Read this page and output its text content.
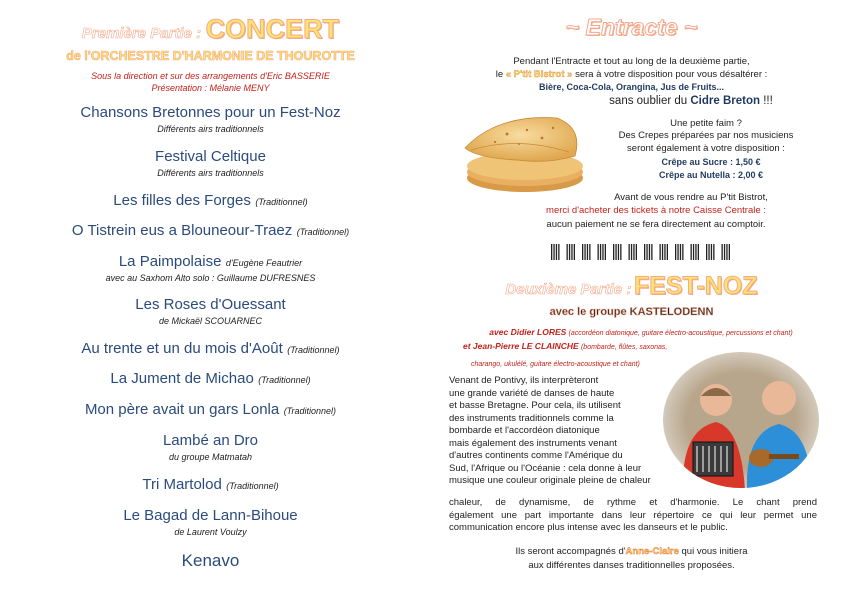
Première Partie : CONCERT
de l'ORCHESTRE D'HARMONIE DE THOUROTTE
Sous la direction et sur des arrangements d'Eric BASSERIE
Présentation : Mélanie MENY
Chansons Bretonnes pour un Fest-Noz
Différents airs traditionnels
Festival Celtique
Différents airs traditionnels
Les filles des Forges (Traditionnel)
O Tistrein eus a Blouneour-Traez (Traditionnel)
La Paimpolaise d'Eugène Feautrier
avec au Saxhom Alto solo : Guillaume DUFRESNES
Les Roses d'Ouessant
de Mickaël SCOUARNEC
Au trente et un du mois d'Août (Traditionnel)
La Jument de Michao (Traditionnel)
Mon père avait un gars Lonla (Traditionnel)
Lambé an Dro
du groupe Matmatah
Tri Martolod (Traditionnel)
Le Bagad de Lann-Bihoue
de Laurent Voulzy
Kenavo
~ Entracte ~
Pendant l'Entracte et tout au long de la deuxième partie,
le « P'tit Bistrot » sera à votre disposition pour vous désaltérer :
Bière, Coca-Cola, Orangina, Jus de Fruits...
sans oublier du Cidre Breton !!!
Une petite faim ?
Des Crepes préparées par nos musiciens
seront également à votre disposition :
Crêpe au Sucre : 1,50 €
Crêpe au Nutella : 2,00 €
Avant de vous rendre au P'tit Bistrot,
merci d'acheter des tickets à notre Caisse Centrale :
aucun paiement ne se fera directement au comptoir.
Deuxième Partie : FEST-NOZ
avec le groupe KASTELODENN
avec Didier LORES (accordéon diatonique, guitare électro-acoustique, percussions et chant)
et Jean-Pierre LE CLAINCHE (bombarde, flûtes, saxonas,
charango, ukulélé, guitare électro-acoustique et chant)
Venant de Pontivy, ils interprèteront
une grande variété de danses de haute
et basse Bretagne. Pour cela, ils utilisent
des instruments traditionnels comme la
bombarde et l'accordéon diatonique
mais également des instruments venant
d'autres continents comme l'Amérique du
Sud, l'Afrique ou l'Océanie : cela donne à leur
musique une couleur originale pleine de chaleur
chaleur, de dynamisme, de rythme et d'harmonie. Le chant prend
également une part importante dans leur répertoire ce qui leur permet une
communication encore plus intense avec les danseurs et le public.
Ils seront accompagnés d'Anne-Claire qui vous initiera
aux différentes danses traditionnelles proposées.
